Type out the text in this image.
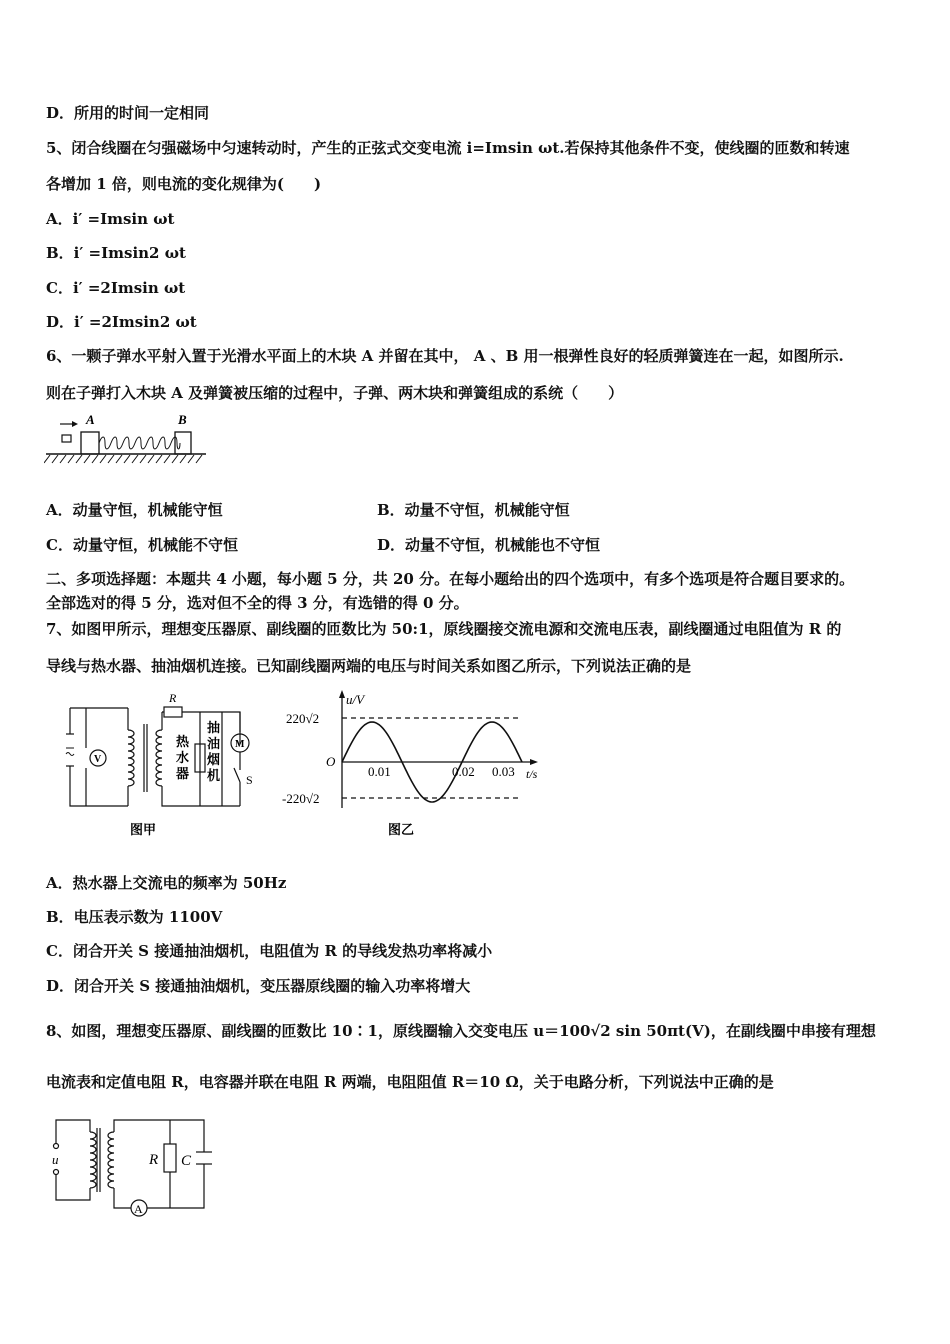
D．所用的时间一定相同
5、闭合线圈在匀强磁场中匀速转动时，产生的正弦式交变电流 i=Imsin ωt.若保持其他条件不变，使线圈的匝数和转速
各增加 1 倍，则电流的变化规律为(　　)
A．i′ =Imsin ωt
B．i′ =Imsin2 ωt
C．i′ =2Imsin ωt
D．i′ =2Imsin2 ωt
6、一颗子弹水平射入置于光滑水平面上的木块 A 并留在其中， A 、B 用一根弹性良好的轻质弹簧连在一起，如图所示.
则在子弹打入木块 A 及弹簧被压缩的过程中，子弹、两木块和弹簧组成的系统（　　）
A	B
A．动量守恒，机械能守恒	B．动量不守恒，机械能守恒
C．动量守恒，机械能不守恒	D．动量不守恒，机械能也不守恒
二、多项选择题：本题共 4 小题，每小题 5 分，共 20 分。在每小题给出的四个选项中，有多个选项是符合题目要求的。
全部选对的得 5 分，选对但不全的得 3 分，有选错的得 0 分。
7、如图甲所示，理想变压器原、副线圈的匝数比为 50:1，原线圈接交流电源和交流电压表，副线圈通过电阻值为 R 的
导线与热水器、抽油烟机连接。已知副线圈两端的电压与时间关系如图乙所示，下列说法正确的是
V
R
M
S
热
水
器
抽
油
烟
机
图甲
u/V
220√2
O
-220√2
0.01	0.02 0.03 t/s
图乙
A．热水器上交流电的频率为 50Hz
B．电压表示数为 1100V
C．闭合开关 S 接通抽油烟机，电阻值为 R 的导线发热功率将减小
D．闭合开关 S 接通抽油烟机，变压器原线圈的输入功率将增大
8、如图，理想变压器原、副线圈的匝数比 10∶1，原线圈输入交变电压 u＝100√2 sin 50πt(V)，在副线圈中串接有理想
电流表和定值电阻 R，电容器并联在电阻 R 两端，电阻阻值 R＝10 Ω，关于电路分析，下列说法中正确的是
u	R C
A
